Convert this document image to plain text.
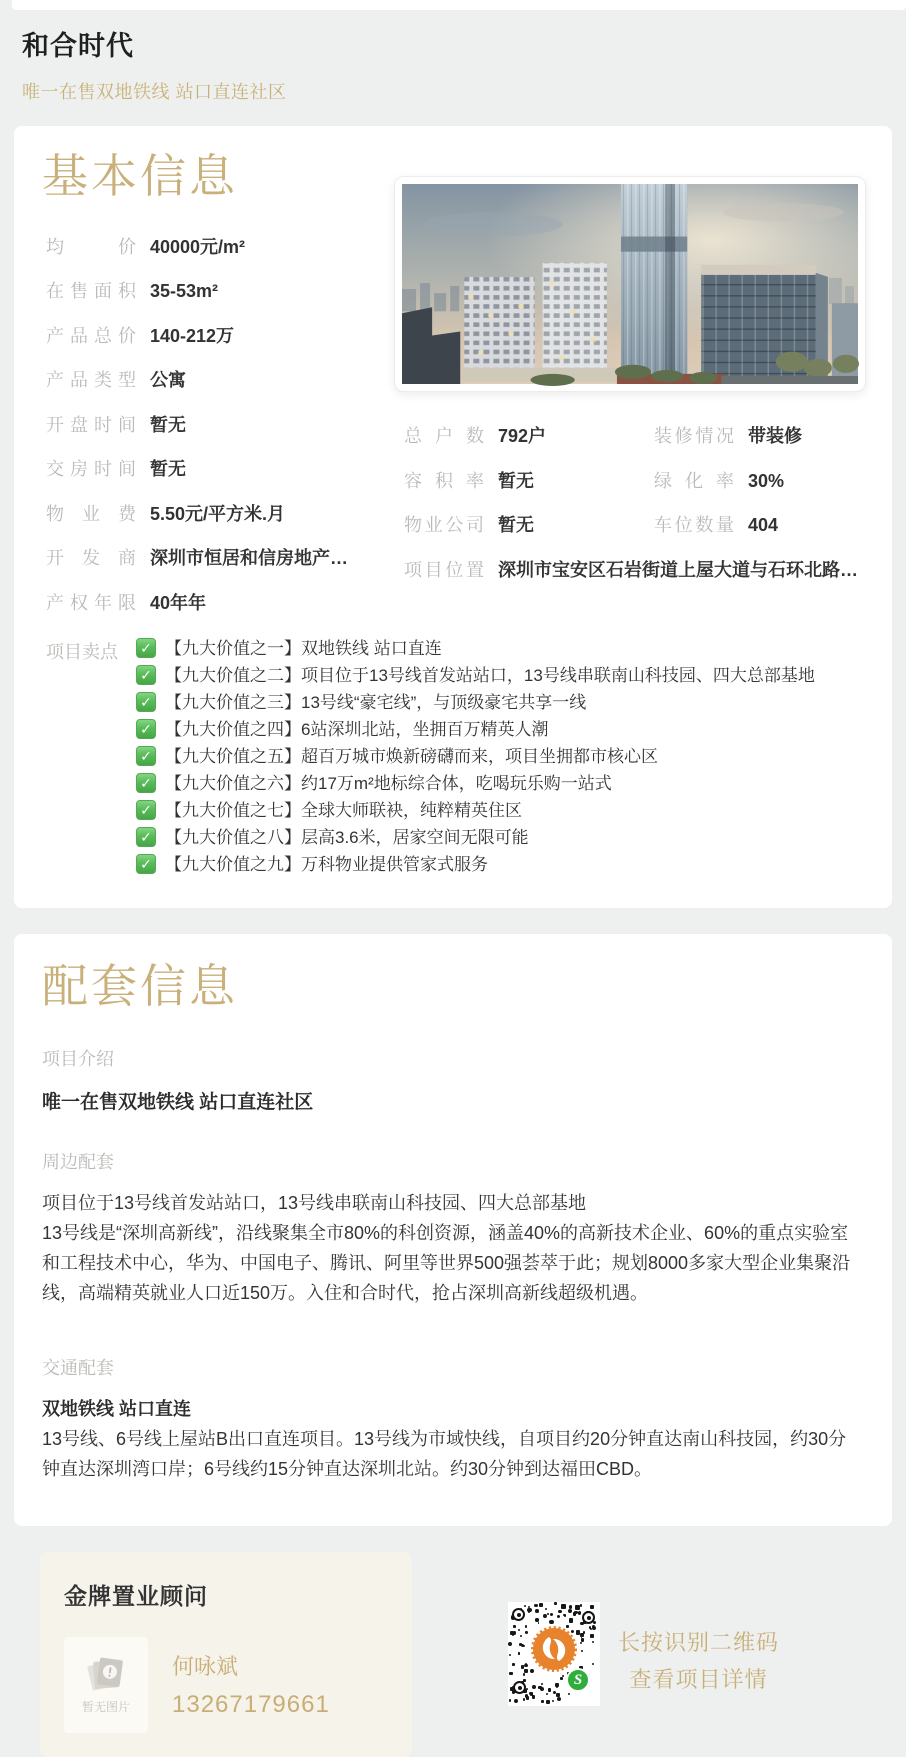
和合时代

唯一在售双地铁线 站口直连社区

基本信息
均价 40000元/m²
在售面积 35-53m²
产品总价 140-212万
产品类型 公寓
开盘时间 暂无
交房时间 暂无
物业费 5.50元/平方米.月
开发商 深圳市恒居和信房地产…
产权年限 40年年
总户数 792户	装修情况 带装修
容积率 暂无	绿化率 30%
物业公司 暂无	车位数量 404
项目位置 深圳市宝安区石岩街道上屋大道与石环北路…
项目卖点 ✓	【九大价值之一】双地铁线 站口直连
✓
【九大价值之二】项目位于13号线首发站站口，13号线串联南山科技园、四大总部基地
✓
【九大价值之三】13号线“豪宅线”，与顶级豪宅共享一线
✓
【九大价值之四】6站深圳北站，坐拥百万精英人潮
✓
【九大价值之五】超百万城市焕新磅礴而来，项目坐拥都市核心区
✓
【九大价值之六】约17万m²地标综合体，吃喝玩乐购一站式
✓
【九大价值之七】全球大师联袂，纯粹精英住区
✓
【九大价值之八】层高3.6米，居家空间无限可能
✓
【九大价值之九】万科物业提供管家式服务
配套信息
项目介绍
唯一在售双地铁线 站口直连社区
周边配套
项目位于13号线首发站站口，13号线串联南山科技园、四大总部基地
13号线是“深圳高新线”，沿线聚集全市80%的科创资源，涵盖40%的高新技术企业、60%的重点实验室和工程技术中心，华为、中国电子、腾讯、阿里等世界500强荟萃于此；规划8000多家大型企业集聚沿线，高端精英就业人口近150万。入住和合时代，抢占深圳高新线超级机遇。
交通配套
双地铁线 站口直连
13号线、6号线上屋站B出口直连项目。13号线为市域快线，自项目约20分钟直达南山科技园，约30分钟直达深圳湾口岸；6号线约15分钟直达深圳北站。约30分钟到达福田CBD。
金牌置业顾问
暂无图片
何咏斌
13267179661
S
长按识别二维码
查看项目详情
